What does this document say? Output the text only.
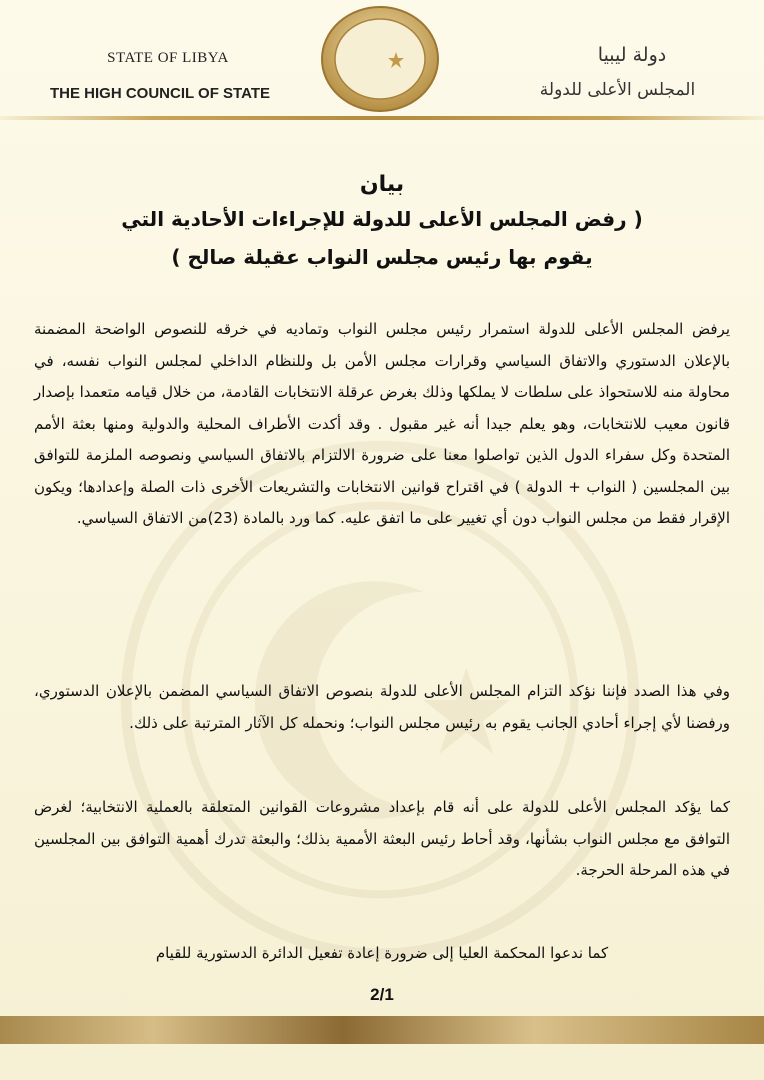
STATE OF LIBYA
THE HIGH COUNCIL OF STATE
دولة ليبيا
المجلس الأعلى للدولة
بيان
( رفض المجلس الأعلى للدولة للإجراءات الأحادية التي
يقوم بها رئيس مجلس النواب عقيلة صالح )
يرفض المجلس الأعلى للدولة استمرار رئيس مجلس النواب وتماديه في خرقه للنصوص الواضحة المضمنة بالإعلان الدستوري والاتفاق السياسي وقرارات مجلس الأمن بل وللنظام الداخلي لمجلس النواب نفسه، في محاولة منه للاستحواذ على سلطات لا يملكها وذلك بغرض عرقلة الانتخابات القادمة، من خلال قيامه متعمدا بإصدار قانون معيب للانتخابات، وهو يعلم جيدا أنه غير مقبول . وقد أكدت الأطراف المحلية والدولية ومنها بعثة الأمم المتحدة وكل سفراء الدول الذين تواصلوا معنا على ضرورة الالتزام بالاتفاق السياسي ونصوصه الملزمة للتوافق بين المجلسين ( النواب + الدولة ) في اقتراح قوانين الانتخابات والتشريعات الأخرى ذات الصلة وإعدادها؛ ويكون الإقرار فقط من مجلس النواب دون أي تغيير على ما اتفق عليه. كما ورد بالمادة (23)من الاتفاق السياسي.
وفي هذا الصدد فإننا نؤكد التزام المجلس الأعلى للدولة بنصوص الاتفاق السياسي المضمن بالإعلان الدستوري، ورفضنا لأي إجراء أحادي الجانب يقوم به رئيس مجلس النواب؛ ونحمله كل الآثار المترتبة على ذلك.
كما يؤكد المجلس الأعلى للدولة على أنه قام بإعداد مشروعات القوانين المتعلقة بالعملية الانتخابية؛ لغرض التوافق مع مجلس النواب بشأنها، وقد أحاط رئيس البعثة الأممية بذلك؛ والبعثة تدرك أهمية التوافق بين المجلسين في هذه المرحلة الحرجة.
كما ندعوا المحكمة العليا إلى ضرورة إعادة تفعيل الدائرة الدستورية للقيام
2/1
